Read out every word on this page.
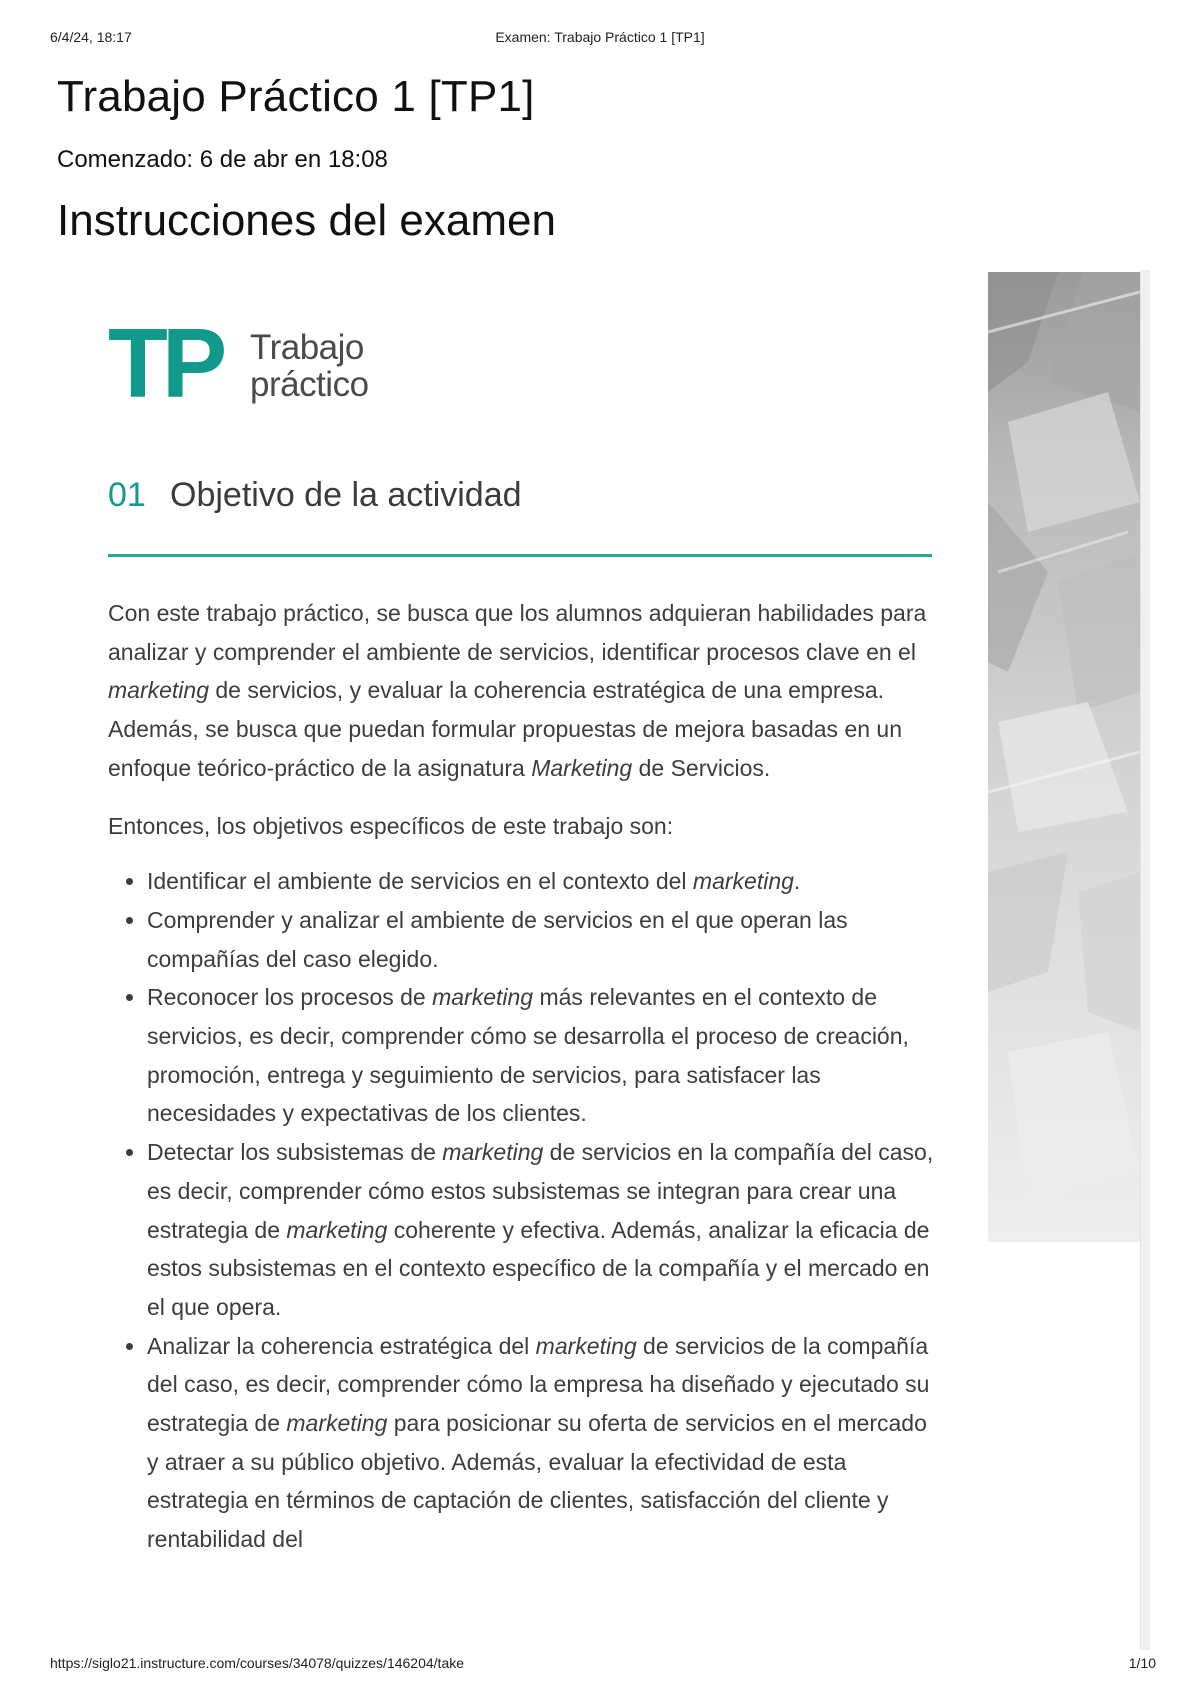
6/4/24, 18:17	Examen: Trabajo Práctico 1 [TP1]
Trabajo Práctico 1 [TP1]
Comenzado: 6 de abr en 18:08
Instrucciones del examen
TP Trabajo
práctico
01 Objetivo de la actividad

Con este trabajo práctico, se busca que los alumnos adquieran habilidades para analizar y comprender el ambiente de servicios, identificar procesos clave en el marketing de servicios, y evaluar la coherencia estratégica de una empresa. Además, se busca que puedan formular propuestas de mejora basadas en un enfoque teórico-práctico de la asignatura Marketing de Servicios.

Entonces, los objetivos específicos de este trabajo son:

• Identificar el ambiente de servicios en el contexto del marketing.
• Comprender y analizar el ambiente de servicios en el que operan las compañías del caso elegido.
• Reconocer los procesos de marketing más relevantes en el contexto de servicios, es decir, comprender cómo se desarrolla el proceso de creación, promoción, entrega y seguimiento de servicios, para satisfacer las necesidades y expectativas de los clientes.
• Detectar los subsistemas de marketing de servicios en la compañía del caso, es decir, comprender cómo estos subsistemas se integran para crear una estrategia de marketing coherente y efectiva. Además, analizar la eficacia de estos subsistemas en el contexto específico de la compañía y el mercado en el que opera.
• Analizar la coherencia estratégica del marketing de servicios de la compañía del caso, es decir, comprender cómo la empresa ha diseñado y ejecutado su estrategia de marketing para posicionar su oferta de servicios en el mercado y atraer a su público objetivo. Además, evaluar la efectividad de esta estrategia en términos de captación de clientes, satisfacción del cliente y rentabilidad del
https://siglo21.instructure.com/courses/34078/quizzes/146204/take	1/10
